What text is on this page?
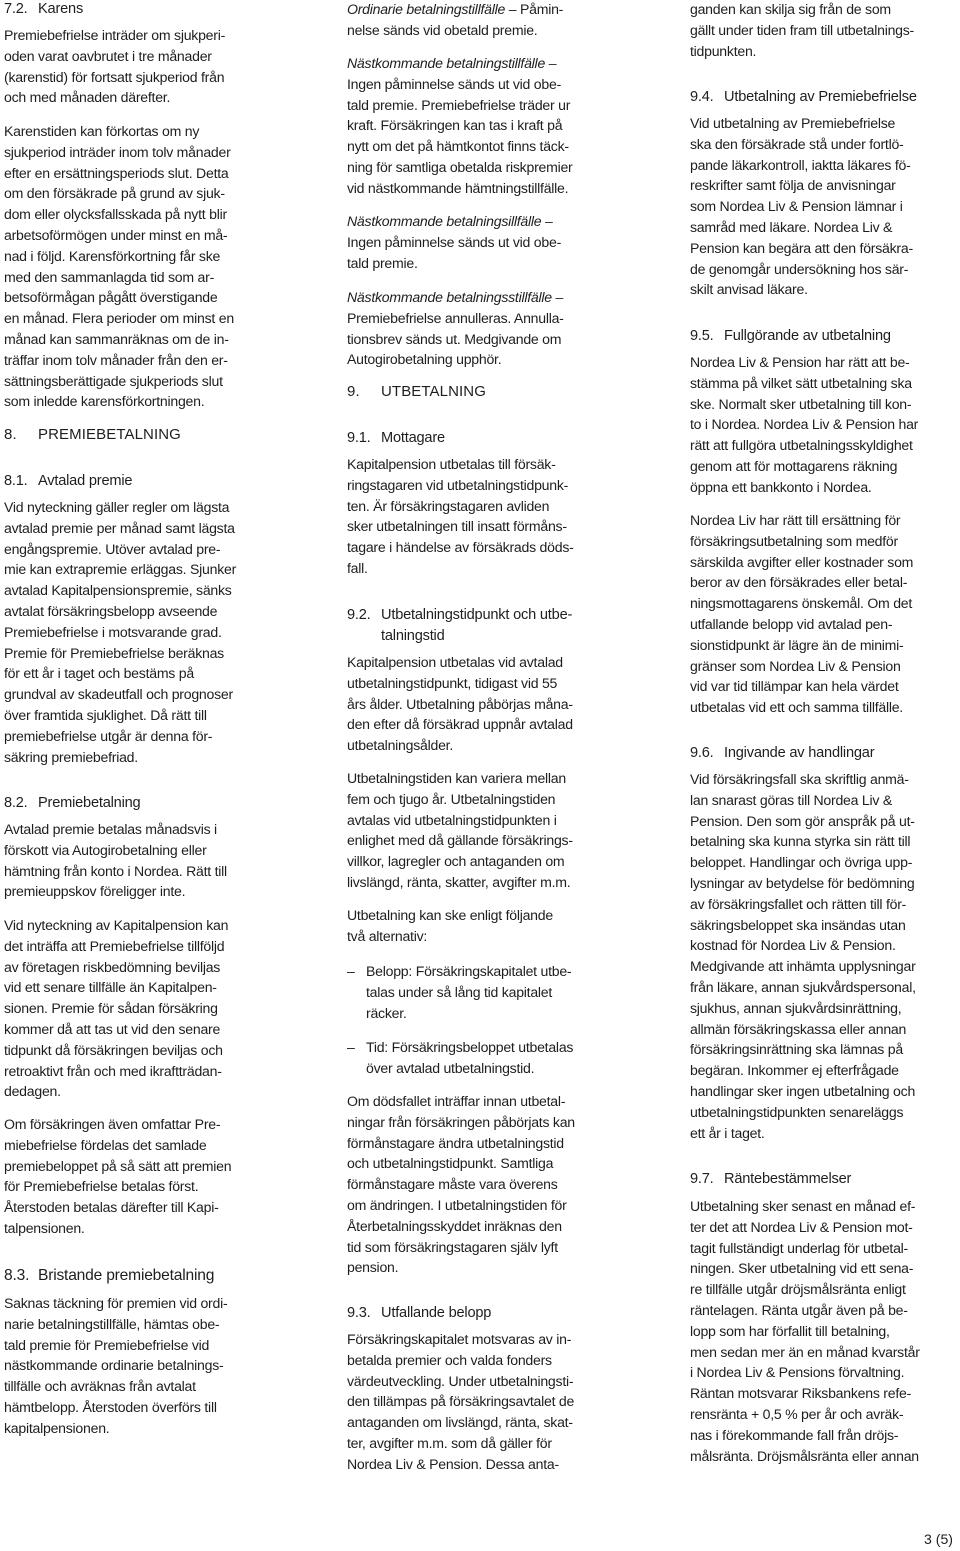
7.2. Karens
Premiebefrielse inträder om sjukperi-
oden varat oavbrutet i tre månader
(karenstid) för fortsatt sjukperiod från
och med månaden därefter.
Karenstiden kan förkortas om ny
sjukperiod inträder inom tolv månader
efter en ersättningsperiods slut. Detta
om den försäkrade på grund av sjuk-
dom eller olycksfallsskada på nytt blir
arbetsoförmögen under minst en må-
nad i följd. Karensförkortning får ske
med den sammanlagda tid som ar-
betsoförmågan pågått överstigande
en månad. Flera perioder om minst en
månad kan sammanräknas om de in-
träffar inom tolv månader från den er-
sättningsberättigade sjukperiods slut
som inledde karensförkortningen.
8. PREMIEBETALNING
8.1. Avtalad premie
Vid nyteckning gäller regler om lägsta
avtalad premie per månad samt lägsta
engångspremie. Utöver avtalad pre-
mie kan extrapremie erläggas. Sjunker
avtalad Kapitalpensionspremie, sänks
avtalat försäkringsbelopp avseende
Premiebefrielse i motsvarande grad.
Premie för Premiebefrielse beräknas
för ett år i taget och bestäms på
grundval av skadeutfall och prognoser
över framtida sjuklighet. Då rätt till
premiebefrielse utgår är denna för-
säkring premiebefriad.
8.2. Premiebetalning
Avtalad premie betalas månadsvis i
förskott via Autogirobetalning eller
hämtning från konto i Nordea. Rätt till
premieuppskov föreligger inte.
Vid nyteckning av Kapitalpension kan
det inträffa att Premiebefrielse tillföljd
av företagen riskbedömning beviljas
vid ett senare tillfälle än Kapitalpen-
sionen. Premie för sådan försäkring
kommer då att tas ut vid den senare
tidpunkt då försäkringen beviljas och
retroaktivt från och med ikraftträdan-
dedagen.
Om försäkringen även omfattar Pre-
miebefrielse fördelas det samlade
premiebeloppet på så sätt att premien
för Premiebefrielse betalas först.
Återstoden betalas därefter till Kapi-
talpensionen.
8.3. Bristande premiebetalning
Saknas täckning för premien vid ordi-
narie betalningstillfälle, hämtas obe-
tald premie för Premiebefrielse vid
nästkommande ordinarie betalnings-
tillfälle och avräknas från avtalat
hämtbelopp. Återstoden överförs till
kapitalpensionen.
Ordinarie betalningstillfälle – Påmin-
nelse sänds vid obetald premie.
Nästkommande betalningstillfälle –
Ingen påminnelse sänds ut vid obe-
tald premie. Premiebefrielse träder ur
kraft. Försäkringen kan tas i kraft på
nytt om det på hämtkontot finns täck-
ning för samtliga obetalda riskpremier
vid nästkommande hämtningstillfälle.
Nästkommande betalningsillfälle –
Ingen påminnelse sänds ut vid obe-
tald premie.
Nästkommande betalningsstillfälle –
Premiebefrielse annulleras. Annulla-
tionsbrev sänds ut. Medgivande om
Autogirobetalning upphör.
9. UTBETALNING
9.1. Mottagare
Kapitalpension utbetalas till försäk-
ringstagaren vid utbetalningstidpunk-
ten. Är försäkringstagaren avliden
sker utbetalningen till insatt förmåns-
tagare i händelse av försäkrads döds-
fall.
9.2. Utbetalningstidpunkt och utbe-
talningstid
Kapitalpension utbetalas vid avtalad
utbetalningstidpunkt, tidigast vid 55
års ålder. Utbetalning påbörjas måna-
den efter då försäkrad uppnår avtalad
utbetalningsålder.
Utbetalningstiden kan variera mellan
fem och tjugo år. Utbetalningstiden
avtalas vid utbetalningstidpunkten i
enlighet med då gällande försäkrings-
villkor, lagregler och antaganden om
livslängd, ränta, skatter, avgifter m.m.
Utbetalning kan ske enligt följande
två alternativ:
– Belopp: Försäkringskapitalet utbe-
talas under så lång tid kapitalet
räcker.
– Tid: Försäkringsbeloppet utbetalas
över avtalad utbetalningstid.
Om dödsfallet inträffar innan utbetal-
ningar från försäkringen påbörjats kan
förmånstagare ändra utbetalningstid
och utbetalningstidpunkt. Samtliga
förmånstagare måste vara överens
om ändringen. I utbetalningstiden för
Återbetalningsskyddet inräknas den
tid som försäkringstagaren själv lyft
pension.
9.3. Utfallande belopp
Försäkringskapitalet motsvaras av in-
betalda premier och valda fonders
värdeutveckling. Under utbetalningsti-
den tillämpas på försäkringsavtalet de
antaganden om livslängd, ränta, skat-
ter, avgifter m.m. som då gäller för
Nordea Liv & Pension. Dessa anta-
ganden kan skilja sig från de som
gällt under tiden fram till utbetalnings-
tidpunkten.
9.4. Utbetalning av Premiebefrielse
Vid utbetalning av Premiebefrielse
ska den försäkrade stå under fortlö-
pande läkarkontroll, iaktta läkares fö-
reskrifter samt följa de anvisningar
som Nordea Liv & Pension lämnar i
samråd med läkare. Nordea Liv &
Pension kan begära att den försäkra-
de genomgår undersökning hos sär-
skilt anvisad läkare.
9.5. Fullgörande av utbetalning
Nordea Liv & Pension har rätt att be-
stämma på vilket sätt utbetalning ska
ske. Normalt sker utbetalning till kon-
to i Nordea. Nordea Liv & Pension har
rätt att fullgöra utbetalningsskyldighet
genom att för mottagarens räkning
öppna ett bankkonto i Nordea.
Nordea Liv har rätt till ersättning för
försäkringsutbetalning som medför
särskilda avgifter eller kostnader som
beror av den försäkrades eller betal-
ningsmottagarens önskemål. Om det
utfallande belopp vid avtalad pen-
sionstidpunkt är lägre än de minimi-
gränser som Nordea Liv & Pension
vid var tid tillämpar kan hela värdet
utbetalas vid ett och samma tillfälle.
9.6. Ingivande av handlingar
Vid försäkringsfall ska skriftlig anmä-
lan snarast göras till Nordea Liv &
Pension. Den som gör anspråk på ut-
betalning ska kunna styrka sin rätt till
beloppet. Handlingar och övriga upp-
lysningar av betydelse för bedömning
av försäkringsfallet och rätten till för-
säkringsbeloppet ska insändas utan
kostnad för Nordea Liv & Pension.
Medgivande att inhämta upplysningar
från läkare, annan sjukvårdspersonal,
sjukhus, annan sjukvårdsinrättning,
allmän försäkringskassa eller annan
försäkringsinrättning ska lämnas på
begäran. Inkommer ej efterfrågade
handlingar sker ingen utbetalning och
utbetalningstidpunkten senareläggs
ett år i taget.
9.7. Räntebestämmelser
Utbetalning sker senast en månad ef-
ter det att Nordea Liv & Pension mot-
tagit fullständigt underlag för utbetal-
ningen. Sker utbetalning vid ett sena-
re tillfälle utgår dröjsmålsränta enligt
räntelagen. Ränta utgår även på be-
lopp som har förfallit till betalning,
men sedan mer än en månad kvarstår
i Nordea Liv & Pensions förvaltning.
Räntan motsvarar Riksbankens refe-
rensränta + 0,5 % per år och avräk-
nas i förekommande fall från dröjs-
målsränta. Dröjsmålsränta eller annan
3 (5)
